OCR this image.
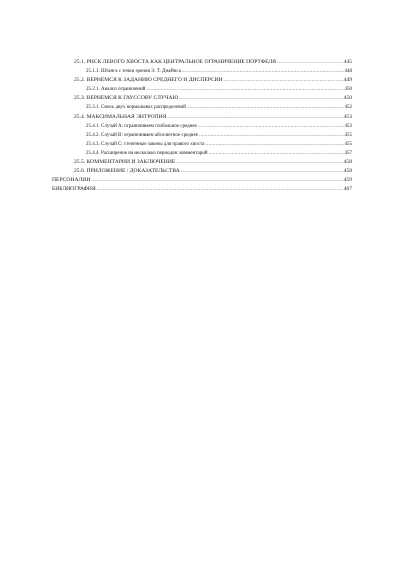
25.1. РИСК ЛЕВОГО ХВОСТА КАК ЦЕНТРАЛЬНОЕ ОГРАНИЧЕНИЕ ПОРТФЕЛЯ .....	445
25.1.1. Штанга с точки зрения Э. Т. Джейнса .....	448
25.2. ВЕРНЕМСЯ К ЗАДАНИЮ СРЕДНЕГО И ДИСПЕРСИИ .....	449
25.2.1. Анализ ограничений .....	450
25.3. ВЕРНЕМСЯ К ГАУССОВУ СЛУЧАЮ .....	450
25.3.1. Смесь двух нормальных распределений .....	452
25.4. МАКСИМАЛЬНАЯ ЭНТРОПИЯ .....	453
25.4.1. Случай А: ограничиваем глобальное среднее .....	453
25.4.2. Случай В: ограничиваем абсолютное среднее .....	455
25.4.3. Случай С: степенные законы для правого хвоста .....	455
25.4.4. Расширение на несколько периодов: комментарий .....	457
25.5. КОММЕНТАРИИ И ЗАКЛЮЧЕНИЕ .....	458
25.6. ПРИЛОЖЕНИЕ / ДОКАЗАТЕЛЬСТВА .....	458
ПЕРСОНАЛИИ .....	459
БИБЛИОГРАФИЯ .....	467
